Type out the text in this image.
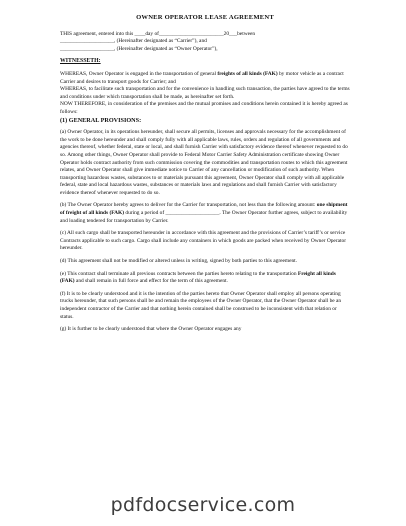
OWNER OPERATOR LEASE AGREEMENT

THIS agreement, entered into this ____day of________________________20___between

____________________, (Hereinafter designated as “Carrier”), and

____________________, (Hereinafter designated as “Owner Operator”),

WITNESSETH:

WHEREAS, Owner Operator is engaged in the transportation of general freights of all kinds (FAK) by motor vehicle as a contract Carrier and desires to transport goods for Carrier; and

WHEREAS, to facilitate such transportation and for the convenience in handling such transaction, the parties have agreed to the terms and conditions under which transportation shall be made, as hereinafter set forth.

NOW THEREFORE, in consideration of the premises and the mutual promises and conditions herein contained it is hereby agreed as follows:

(1) GENERAL PROVISIONS:

(a) Owner Operator, in its operations hereunder, shall secure all permits, licenses and approvals necessary for the accomplishment of the work to be done hereunder and shall comply fully with all applicable laws, rules, orders and regulation of all governments and agencies thereof, whether federal, state or local, and shall furnish Carrier with satisfactory evidence thereof whenever requested to do so. Among other things, Owner Operator shall provide to Federal Motor Carrier Safety Administration certificate showing Owner Operator holds contract authority from such commission covering the commodities and transportation routes to which this agreement relates, and Owner Operator shall give immediate notice to Carrier of any cancellation or modification of such authority. When transporting hazardous wastes, substances to or materials pursuant this agreement, Owner Operator shall comply with all applicable federal, state and local hazardous wastes, substances or materials laws and regulations and shall furnish Carrier with satisfactory evidence thereof whenever requested to do so.

(b) The Owner Operator hereby agrees to deliver for the Carrier for transportation, not less than the following amount: one shipment of freight of all kinds (FAK) during a period of ____________________. The Owner Operator further agrees, subject to availability and loading tendered for transportation by Carrier.

(c) All such cargo shall be transported hereunder in accordance with this agreement and the provisions of Carrier’s tariff’s or service Contracts applicable to such cargo. Cargo shall include any containers in which goods are packed when received by Owner Operator hereunder.

(d) This agreement shall not be modified or altered unless in writing, signed by both parties to this agreement.

(e) This contract shall terminate all previous contracts between the parties hereto relating to the transportation Freight all kinds (FAK) and shall remain in full force and effect for the term of this agreement.

(f) It is to be clearly understood and it is the intention of the parties hereto that Owner Operator shall employ all persons operating trucks hereunder, that such persons shall be and remain the employees of the Owner Operator, that the Owner Operator shall be an independent contractor of the Carrier and that nothing herein contained shall be construed to be inconsistent with that relation or status.

(g) It is further to be clearly understood that where the Owner Operator engages any

pdfdocservice.com
